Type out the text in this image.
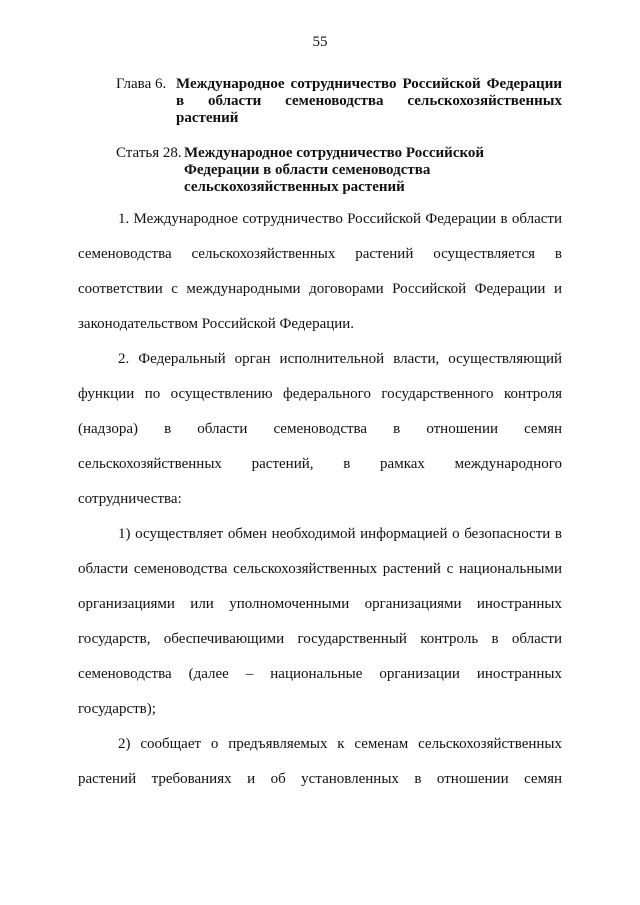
55
Глава 6. Международное сотрудничество Российской Федерации
в области семеноводства сельскохозяйственных
растений
Статья 28. Международное сотрудничество Российской
Федерации в области семеноводства
сельскохозяйственных растений
1. Международное сотрудничество Российской Федерации в области
семеноводства сельскохозяйственных растений осуществляется в
соответствии с международными договорами Российской Федерации и
законодательством Российской Федерации.
2. Федеральный орган исполнительной власти, осуществляющий
функции по осуществлению федерального государственного контроля
(надзора) в области семеноводства в отношении семян
сельскохозяйственных растений, в рамках международного
сотрудничества:
1) осуществляет обмен необходимой информацией о безопасности в
области семеноводства сельскохозяйственных растений с национальными
организациями или уполномоченными организациями иностранных
государств, обеспечивающими государственный контроль в области
семеноводства (далее – национальные организации иностранных
государств);
2) сообщает о предъявляемых к семенам сельскохозяйственных
растений требованиях и об установленных в отношении семян
